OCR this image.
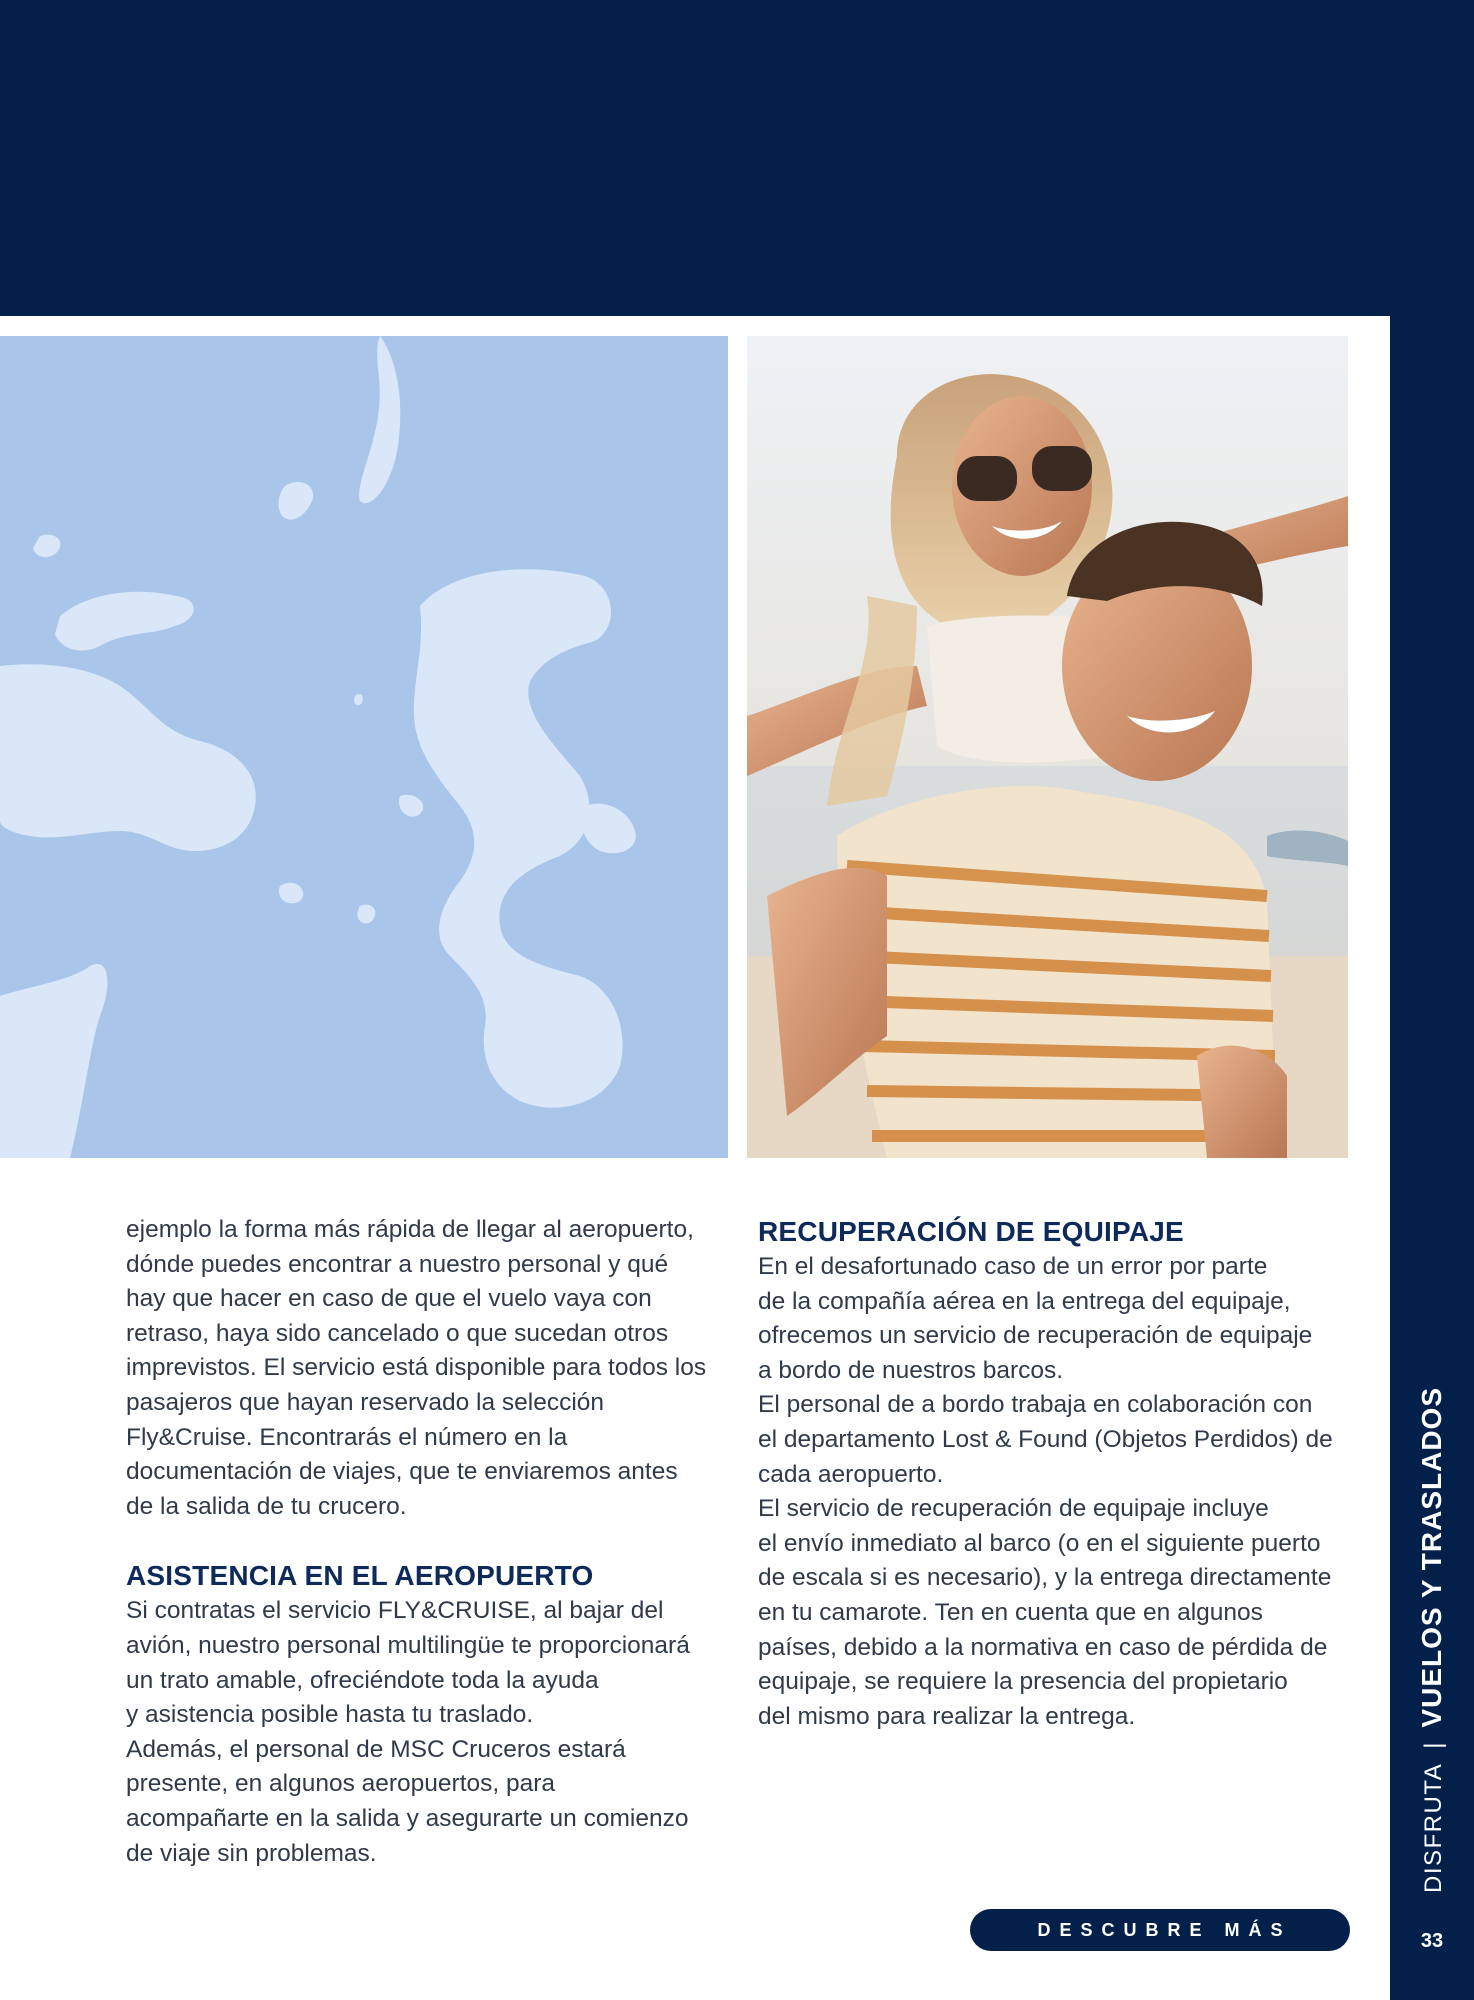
ejemplo la forma más rápida de llegar al aeropuerto,

dónde puedes encontrar a nuestro personal y qué

hay que hacer en caso de que el vuelo vaya con

retraso, haya sido cancelado o que sucedan otros

imprevistos. El servicio está disponible para todos los

pasajeros que hayan reservado la selección

Fly&Cruise. Encontrarás el número en la

documentación de viajes, que te enviaremos antes

de la salida de tu crucero.

ASISTENCIA EN EL AEROPUERTO

Si contratas el servicio FLY&CRUISE, al bajar del

avión, nuestro personal multilingüe te proporcionará

un trato amable, ofreciéndote toda la ayuda

y asistencia posible hasta tu traslado.

Además, el personal de MSC Cruceros estará

presente, en algunos aeropuertos, para

acompañarte en la salida y asegurarte un comienzo

de viaje sin problemas.

RECUPERACIÓN DE EQUIPAJE

En el desafortunado caso de un error por parte

de la compañía aérea en la entrega del equipaje,

ofrecemos un servicio de recuperación de equipaje

a bordo de nuestros barcos.

El personal de a bordo trabaja en colaboración con

el departamento Lost & Found (Objetos Perdidos) de

cada aeropuerto.

El servicio de recuperación de equipaje incluye

el envío inmediato al barco (o en el siguiente puerto

de escala si es necesario), y la entrega directamente

en tu camarote. Ten en cuenta que en algunos

países, debido a la normativa en caso de pérdida de

equipaje, se requiere la presencia del propietario

del mismo para realizar la entrega.

DISFRUTA|VUELOS Y TRASLADOS
DESCUBRE MÁS
33
